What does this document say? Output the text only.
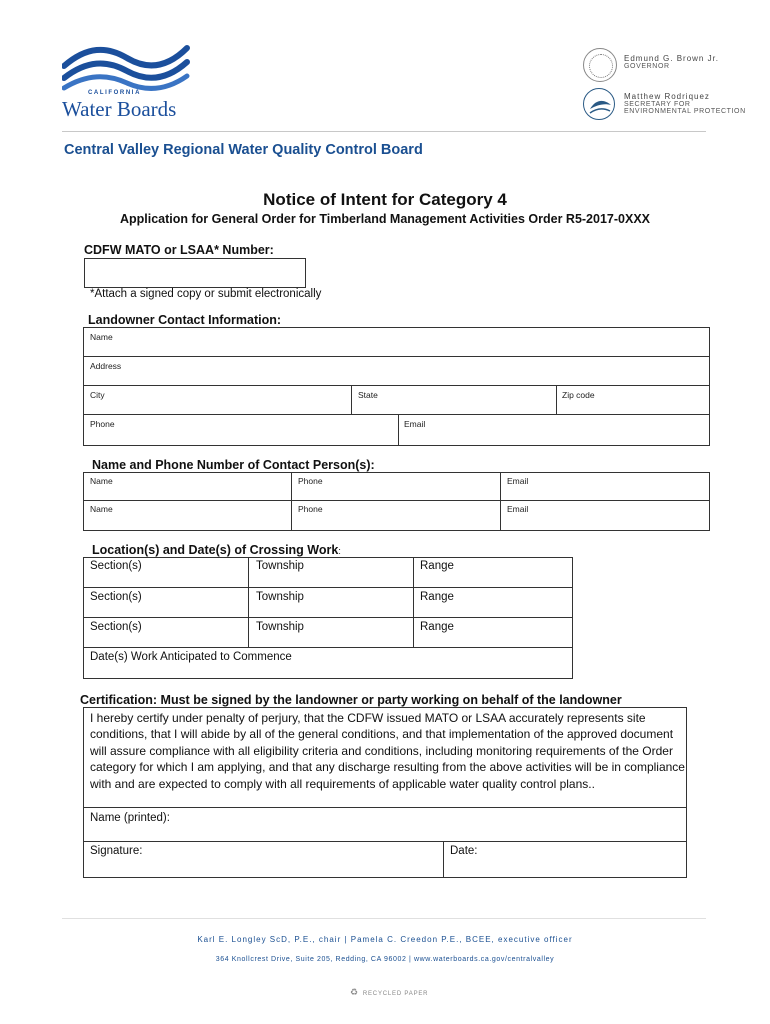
CALIFORNIA
Water Boards
Edmund G. Brown Jr.
GOVERNOR
Matthew Rodriquez
SECRETARY FOR
ENVIRONMENTAL PROTECTION
Central Valley Regional Water Quality Control Board
Notice of Intent for Category 4
Application for General Order for Timberland Management Activities Order R5-2017-0XXX
CDFW MATO or LSAA* Number:
*Attach a signed copy or submit electronically
Landowner Contact Information:
Name
Address
City	State	Zip code
Phone	Email
Name and Phone Number of Contact Person(s):
Name	Phone	Email
Name	Phone	Email
Location(s) and Date(s) of Crossing Work:
Section(s)	Township	Range
Section(s)	Township	Range
Section(s)	Township	Range
Date(s) Work Anticipated to Commence
Certification: Must be signed by the landowner or party working on behalf of the landowner
I hereby certify under penalty of perjury, that the CDFW issued MATO or LSAA accurately represents site conditions, that I will abide by all of the general conditions, and that implementation of the approved document will assure compliance with all eligibility criteria and conditions, including monitoring requirements of the Order category for which I am applying, and that any discharge resulting from the above activities will be in compliance with and are expected to comply with all requirements of applicable water quality control plans..
Name (printed):
Signature:	Date:
Karl E. Longley ScD, P.E., chair | Pamela C. Creedon P.E., BCEE, executive officer
364 Knollcrest Drive, Suite 205, Redding, CA 96002 | www.waterboards.ca.gov/centralvalley
♻ RECYCLED PAPER
